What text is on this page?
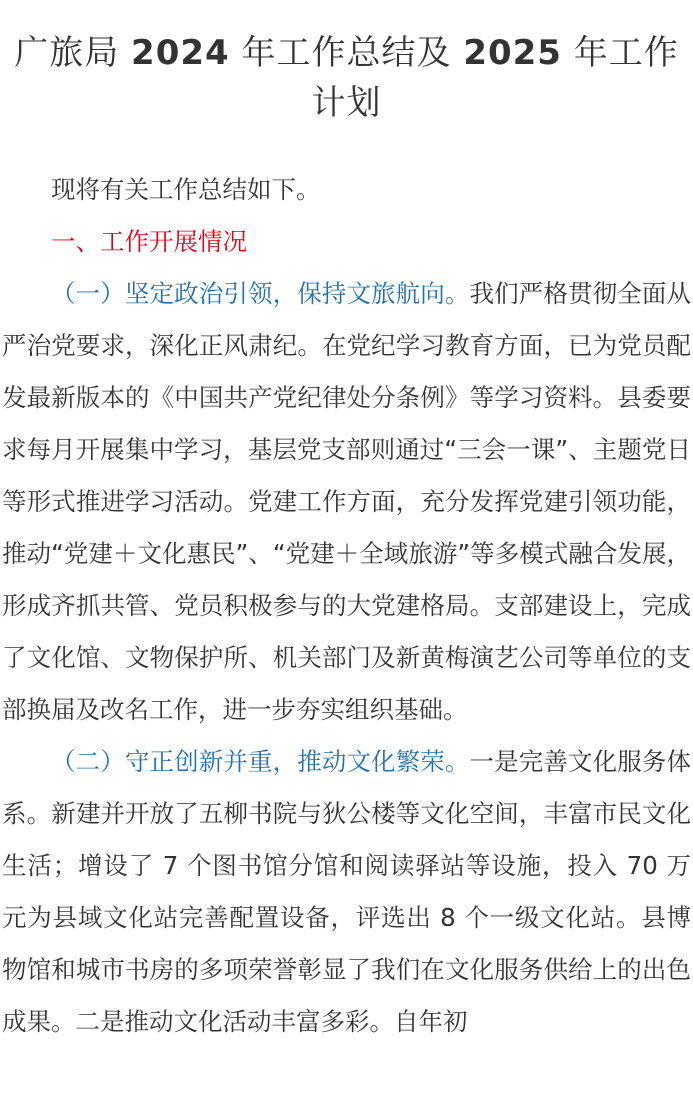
广旅局 2024 年工作总结及 2025 年工作计划

现将有关工作总结如下。

一、工作开展情况

（一）坚定政治引领，保持文旅航向。我们严格贯彻全面从严治党要求，深化正风肃纪。在党纪学习教育方面，已为党员配发最新版本的《中国共产党纪律处分条例》等学习资料。县委要求每月开展集中学习，基层党支部则通过“三会一课”、主题党日等形式推进学习活动。党建工作方面，充分发挥党建引领功能，推动“党建＋文化惠民”、“党建＋全域旅游”等多模式融合发展，形成齐抓共管、党员积极参与的大党建格局。支部建设上，完成了文化馆、文物保护所、机关部门及新黄梅演艺公司等单位的支部换届及改名工作，进一步夯实组织基础。

（二）守正创新并重，推动文化繁荣。一是完善文化服务体系。新建并开放了五柳书院与狄公楼等文化空间，丰富市民文化生活；增设了 7 个图书馆分馆和阅读驿站等设施，投入 70 万元为县域文化站完善配置设备，评选出 8 个一级文化站。县博物馆和城市书房的多项荣誉彰显了我们在文化服务供给上的出色成果。二是推动文化活动丰富多彩。自年初
